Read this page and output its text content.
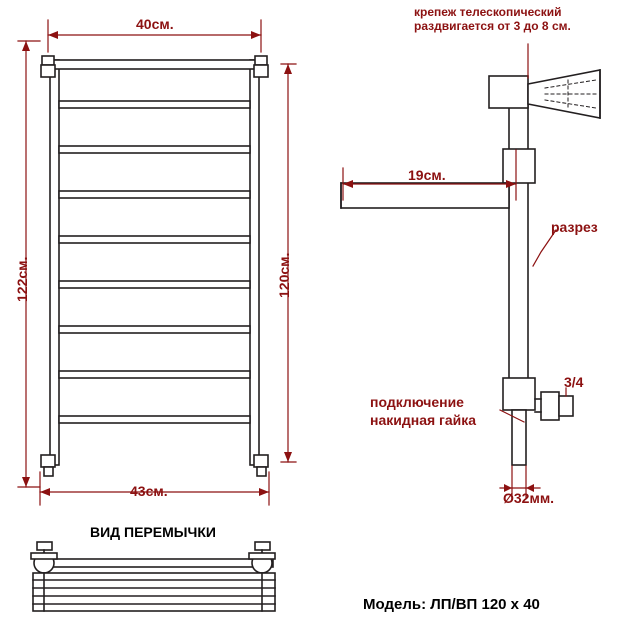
40см.
122см.	120см.
43см.
ВИД ПЕРЕМЫЧКИ
крепеж телескопический
раздвигается от 3 до 8 см.
19см.
разрез
подключение
накидная гайка
3/4
Ø32мм.
Модель: ЛП/ВП 120 х 40
